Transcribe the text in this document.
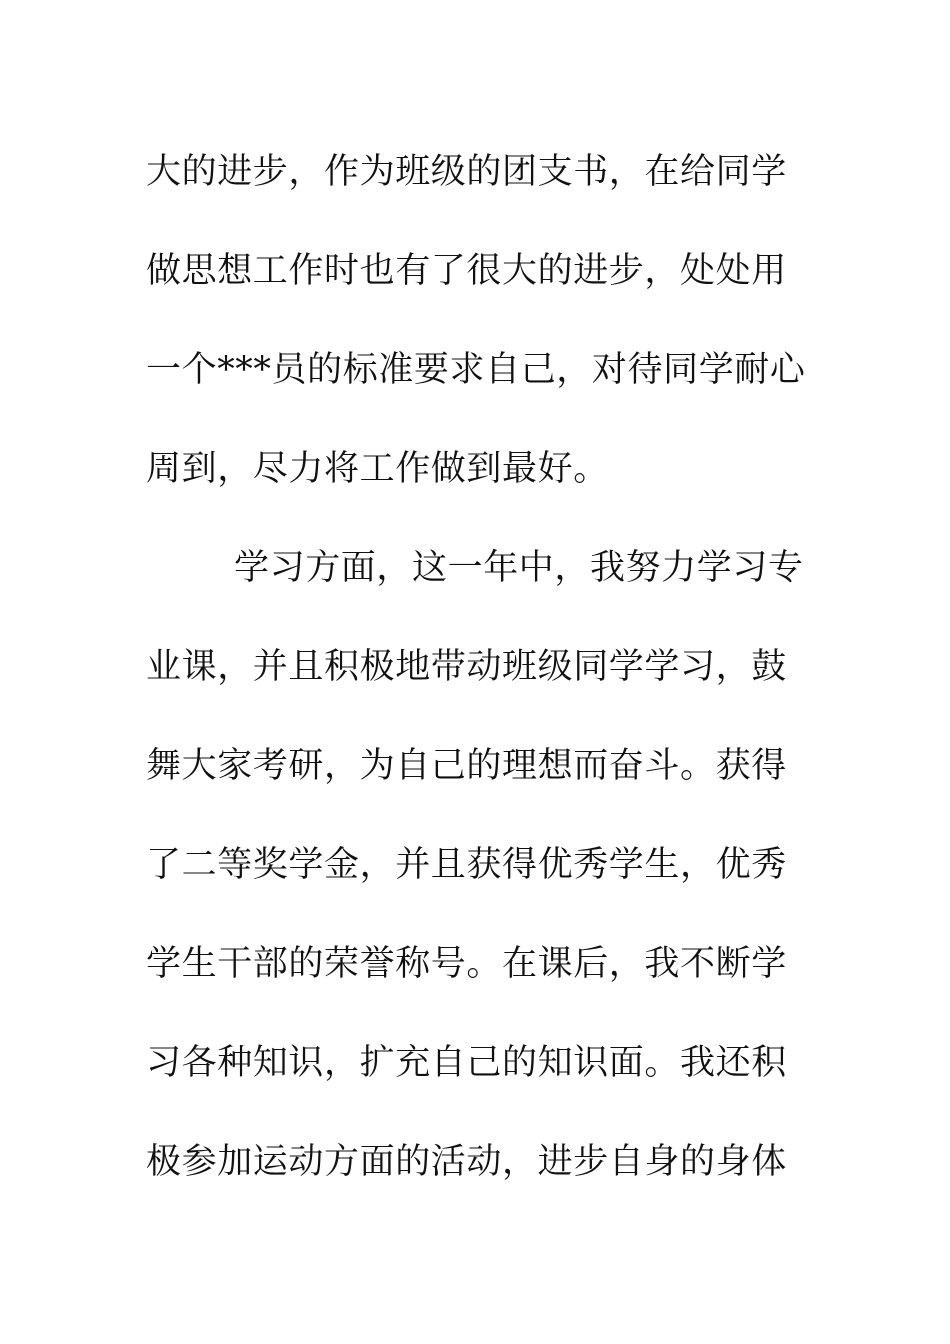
大的进步，作为班级的团支书，在给同学
做思想工作时也有了很大的进步，处处用
一个***员的标准要求自己，对待同学耐心
周到，尽力将工作做到最好。
学习方面，这一年中，我努力学习专
业课，并且积极地带动班级同学学习，鼓
舞大家考研，为自己的理想而奋斗。获得
了二等奖学金，并且获得优秀学生，优秀
学生干部的荣誉称号。在课后，我不断学
习各种知识，扩充自己的知识面。我还积
极参加运动方面的活动，进步自身的身体
